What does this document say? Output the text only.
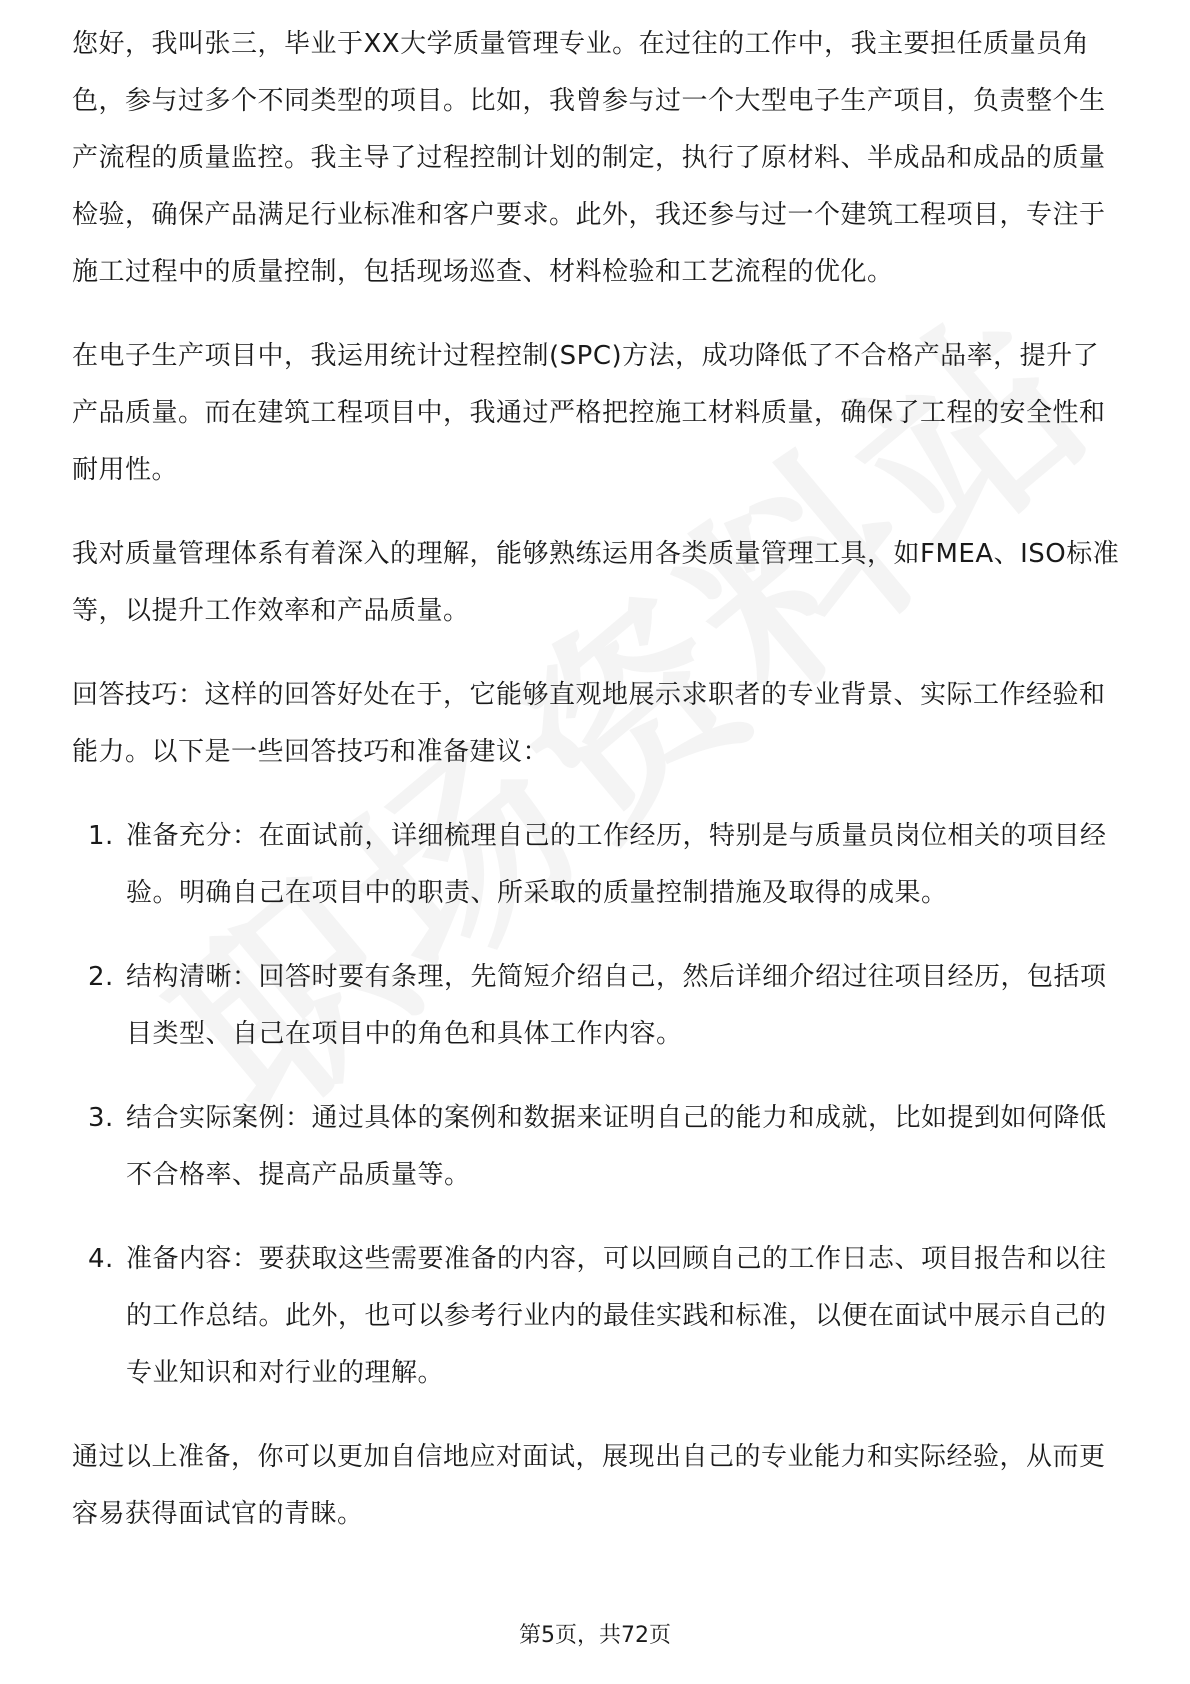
您好，我叫张三，毕业于XX大学质量管理专业。在过往的工作中，我主要担任质量员角色，参与过多个不同类型的项目。比如，我曾参与过一个大型电子生产项目，负责整个生产流程的质量监控。我主导了过程控制计划的制定，执行了原材料、半成品和成品的质量检验，确保产品满足行业标准和客户要求。此外，我还参与过一个建筑工程项目，专注于施工过程中的质量控制，包括现场巡查、材料检验和工艺流程的优化。

在电子生产项目中，我运用统计过程控制(SPC)方法，成功降低了不合格产品率，提升了产品质量。而在建筑工程项目中，我通过严格把控施工材料质量，确保了工程的安全性和耐用性。

我对质量管理体系有着深入的理解，能够熟练运用各类质量管理工具，如FMEA、ISO标准等，以提升工作效率和产品质量。

回答技巧：这样的回答好处在于，它能够直观地展示求职者的专业背景、实际工作经验和能力。以下是一些回答技巧和准备建议：

1. 准备充分：在面试前，详细梳理自己的工作经历，特别是与质量员岗位相关的项目经验。明确自己在项目中的职责、所采取的质量控制措施及取得的成果。
2. 结构清晰：回答时要有条理，先简短介绍自己，然后详细介绍过往项目经历，包括项目类型、自己在项目中的角色和具体工作内容。
3. 结合实际案例：通过具体的案例和数据来证明自己的能力和成就，比如提到如何降低不合格率、提高产品质量等。
4. 准备内容：要获取这些需要准备的内容，可以回顾自己的工作日志、项目报告和以往的工作总结。此外，也可以参考行业内的最佳实践和标准，以便在面试中展示自己的专业知识和对行业的理解。

通过以上准备，你可以更加自信地应对面试，展现出自己的专业能力和实际经验，从而更容易获得面试官的青睐。

第5页，共72页
